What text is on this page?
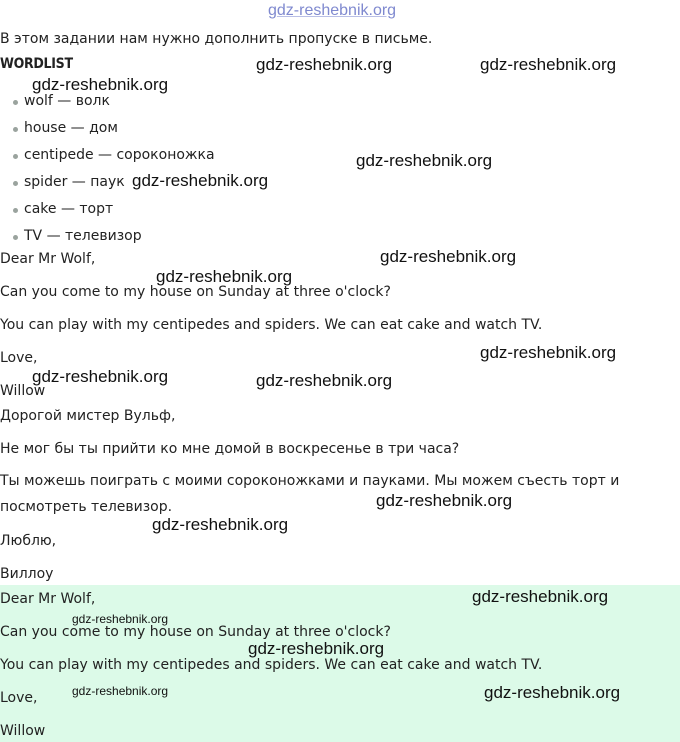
В этом задании нам нужно дополнить пропуске в письме.
WORDLIST
wolf — волк
house — дом
centipede — сороконожка
spider — паук
cake — торт
TV — телевизор
Dear Mr Wolf,
Can you come to my house on Sunday at three o'clock?
You can play with my centipedes and spiders. We can eat cake and watch TV.
Love,
Willow
Дорогой мистер Вульф,
Не мог бы ты прийти ко мне домой в воскресенье в три часа?
Ты можешь поиграть с моими сороконожками и пауками. Мы можем съесть торт и посмотреть телевизор.
Люблю,
Виллоу
Dear Mr Wolf,
Can you come to my house on Sunday at three o'clock?
You can play with my centipedes and spiders. We can eat cake and watch TV.
Love,
Willow
gdz-reshebnik.org
gdz-reshebnik.org	gdz-reshebnik.org
gdz-reshebnik.org
gdz-reshebnik.org
gdz-reshebnik.org
gdz-reshebnik.org
gdz-reshebnik.org
gdz-reshebnik.org
gdz-reshebnik.org	gdz-reshebnik.org
gdz-reshebnik.org
gdz-reshebnik.org
gdz-reshebnik.org
gdz-reshebnik.org
gdz-reshebnik.org
gdz-reshebnik.org	gdz-reshebnik.org
